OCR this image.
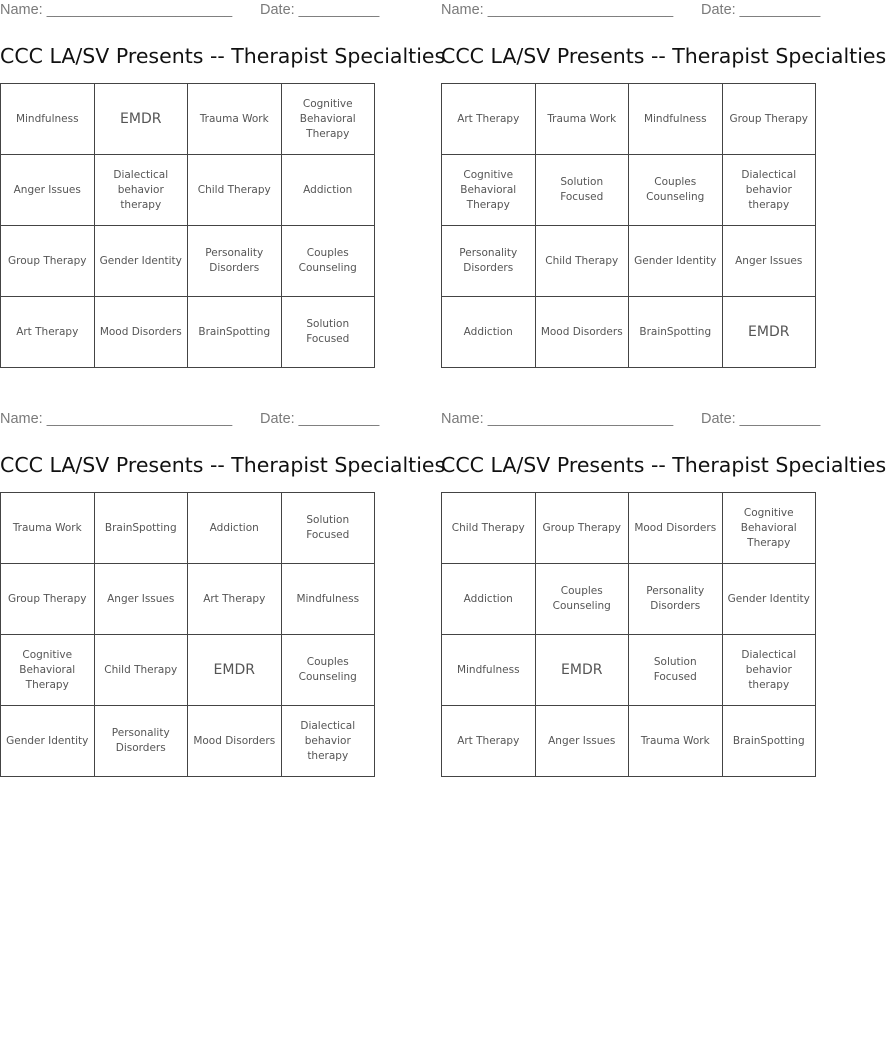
Name: _______________________ Date: __________
CCC LA/SV Presents -- Therapist Specialties
Mindfulness	EMDR	Trauma Work	Cognitive Behavioral Therapy
Anger Issues	Dialectical behavior therapy	Child Therapy	Addiction
Group Therapy	Gender Identity	Personality Disorders	Couples Counseling
Art Therapy	Mood Disorders	BrainSpotting	Solution Focused
Name: _______________________ Date: __________
CCC LA/SV Presents -- Therapist Specialties
Art Therapy	Trauma Work	Mindfulness	Group Therapy
Cognitive Behavioral Therapy	Solution Focused	Couples Counseling	Dialectical behavior therapy
Personality Disorders	Child Therapy	Gender Identity	Anger Issues
Addiction	Mood Disorders	BrainSpotting	EMDR
Name: _______________________ Date: __________
CCC LA/SV Presents -- Therapist Specialties
Trauma Work	BrainSpotting	Addiction	Solution Focused
Group Therapy	Anger Issues	Art Therapy	Mindfulness
Cognitive Behavioral Therapy	Child Therapy	EMDR	Couples Counseling
Gender Identity	Personality Disorders	Mood Disorders	Dialectical behavior therapy
Name: _______________________ Date: __________
CCC LA/SV Presents -- Therapist Specialties
Child Therapy	Group Therapy	Mood Disorders	Cognitive Behavioral Therapy
Addiction	Couples Counseling	Personality Disorders	Gender Identity
Mindfulness	EMDR	Solution Focused	Dialectical behavior therapy
Art Therapy	Anger Issues	Trauma Work	BrainSpotting
